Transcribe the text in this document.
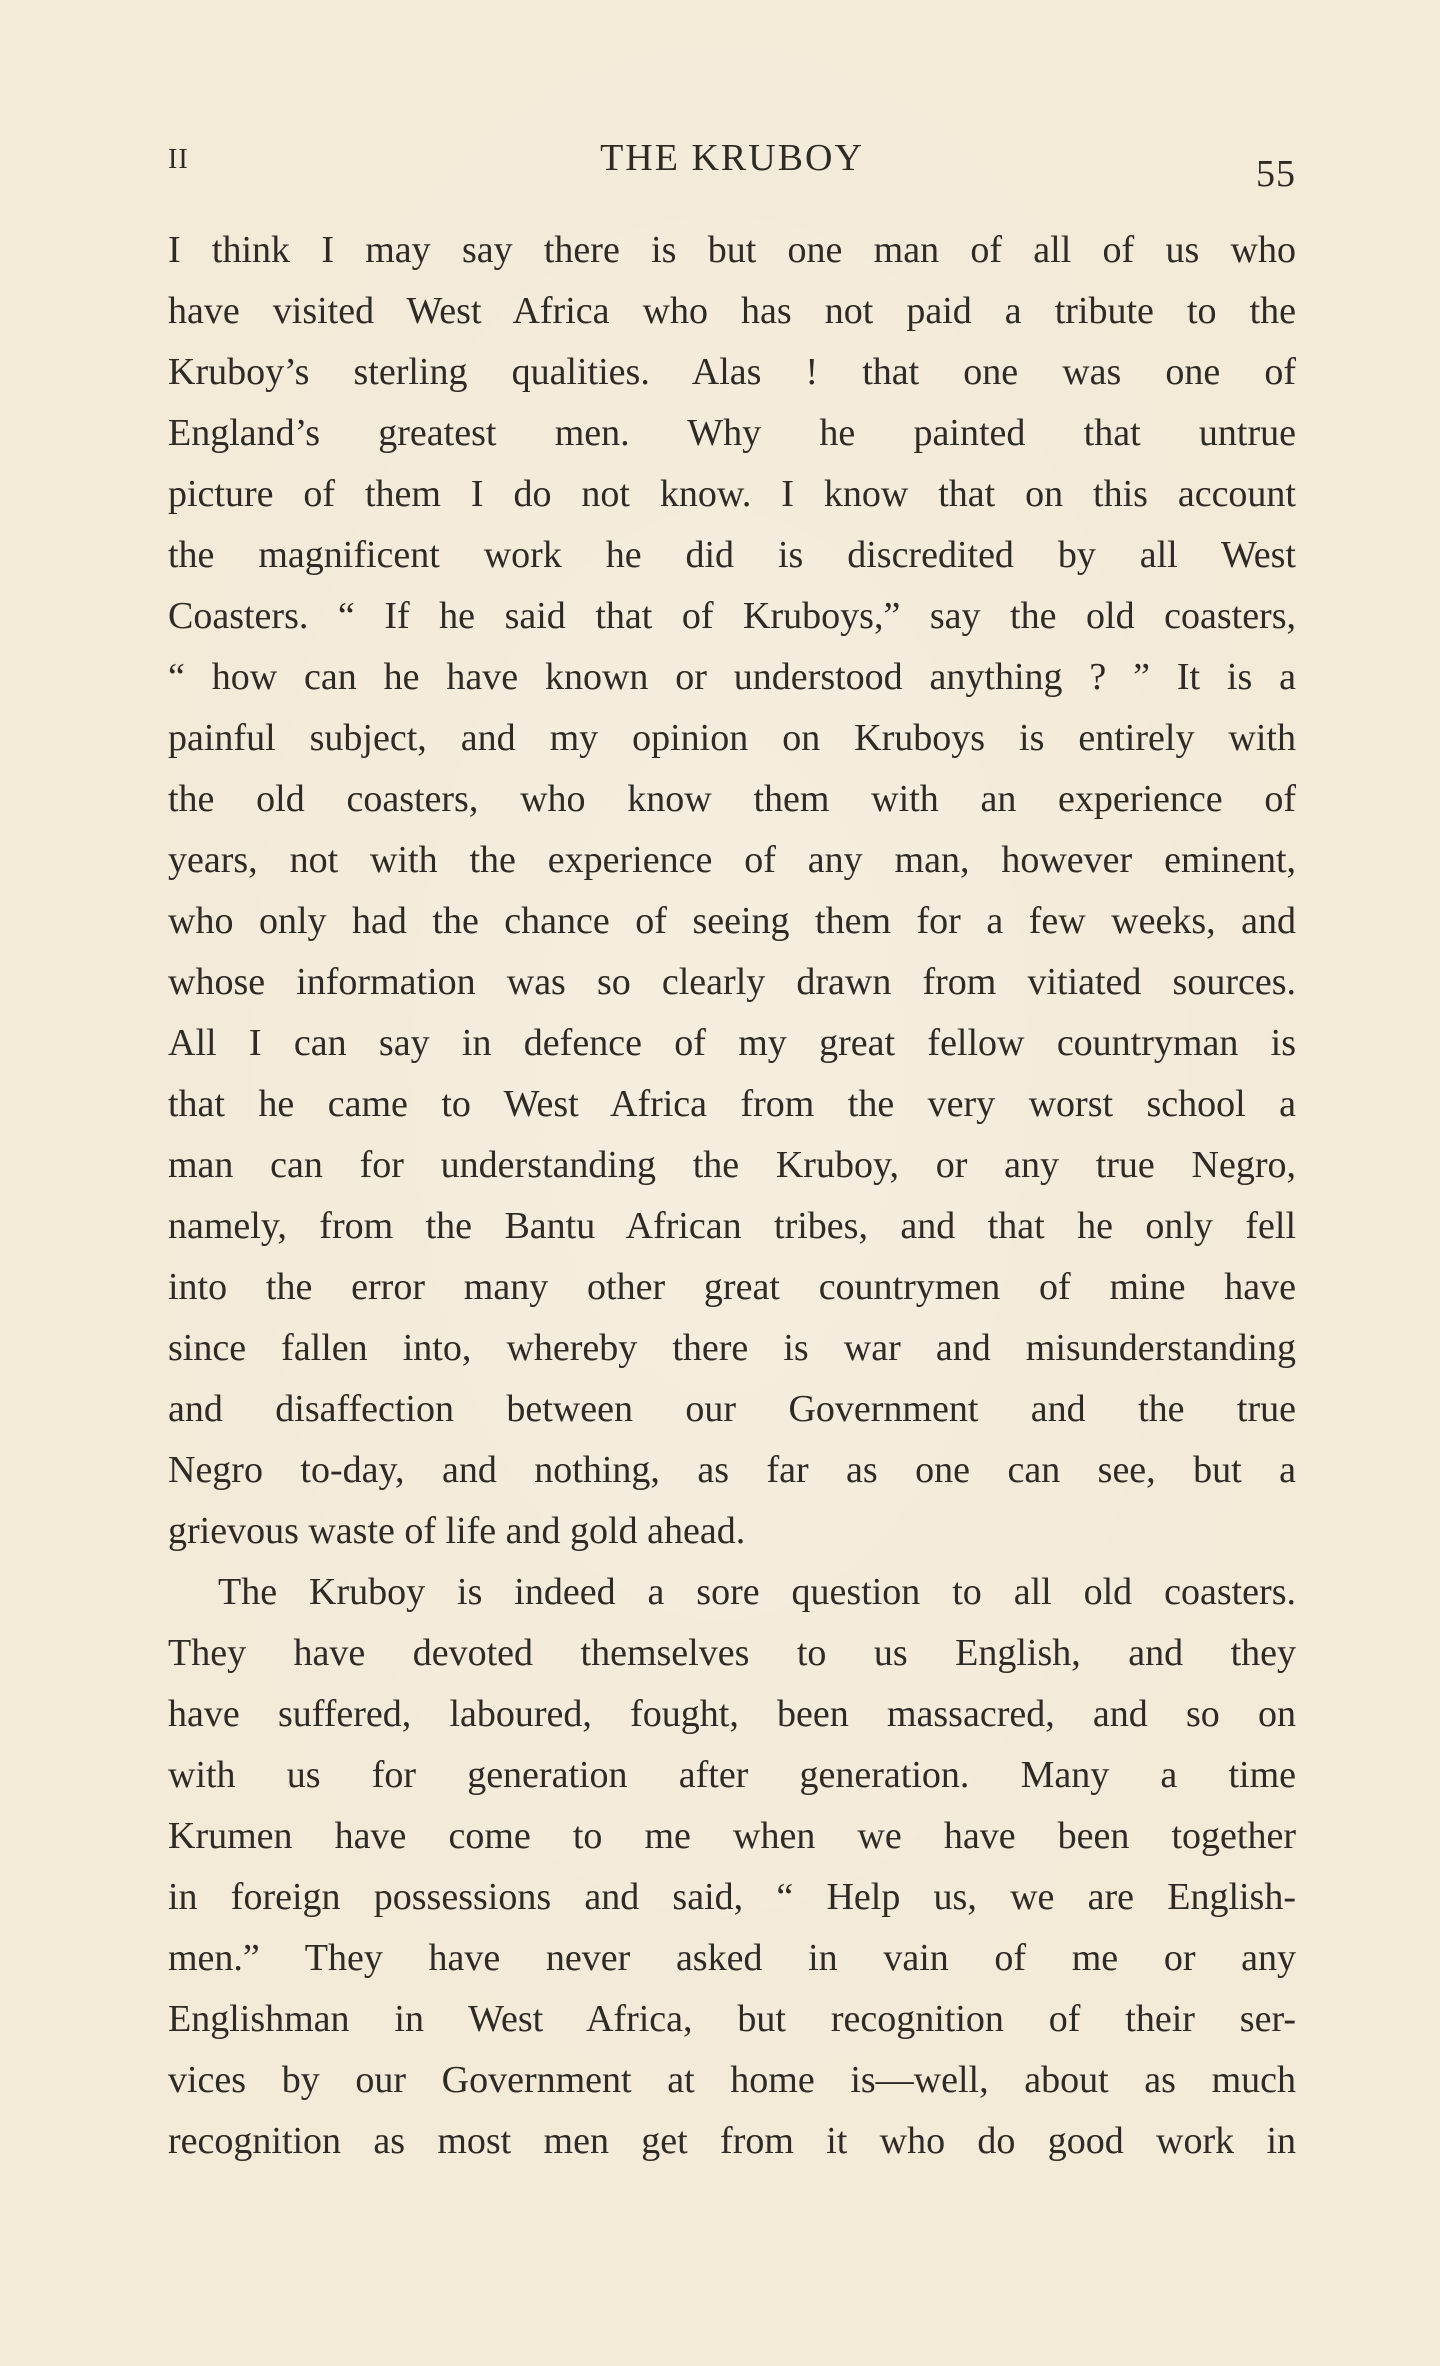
II	THE KRUBOY	55
I think I may say there is but one man of all of us who
have visited West Africa who has not paid a tribute to the
Kruboy’s sterling qualities. Alas ! that one was one of
England’s greatest men. Why he painted that untrue
picture of them I do not know. I know that on this account
the magnificent work he did is discredited by all West
Coasters. “ If he said that of Kruboys,” say the old coasters,
“ how can he have known or understood anything ? ” It is a
painful subject, and my opinion on Kruboys is entirely with
the old coasters, who know them with an experience of
years, not with the experience of any man, however eminent,
who only had the chance of seeing them for a few weeks, and
whose information was so clearly drawn from vitiated sources.
All I can say in defence of my great fellow countryman is
that he came to West Africa from the very worst school a
man can for understanding the Kruboy, or any true Negro,
namely, from the Bantu African tribes, and that he only fell
into the error many other great countrymen of mine have
since fallen into, whereby there is war and misunderstanding
and disaffection between our Government and the true
Negro to-day, and nothing, as far as one can see, but a
grievous waste of life and gold ahead.
The Kruboy is indeed a sore question to all old coasters.
They have devoted themselves to us English, and they
have suffered, laboured, fought, been massacred, and so on
with us for generation after generation. Many a time
Krumen have come to me when we have been together
in foreign possessions and said, “ Help us, we are English-
men.” They have never asked in vain of me or any
Englishman in West Africa, but recognition of their ser-
vices by our Government at home is—well, about as much
recognition as most men get from it who do good work in
